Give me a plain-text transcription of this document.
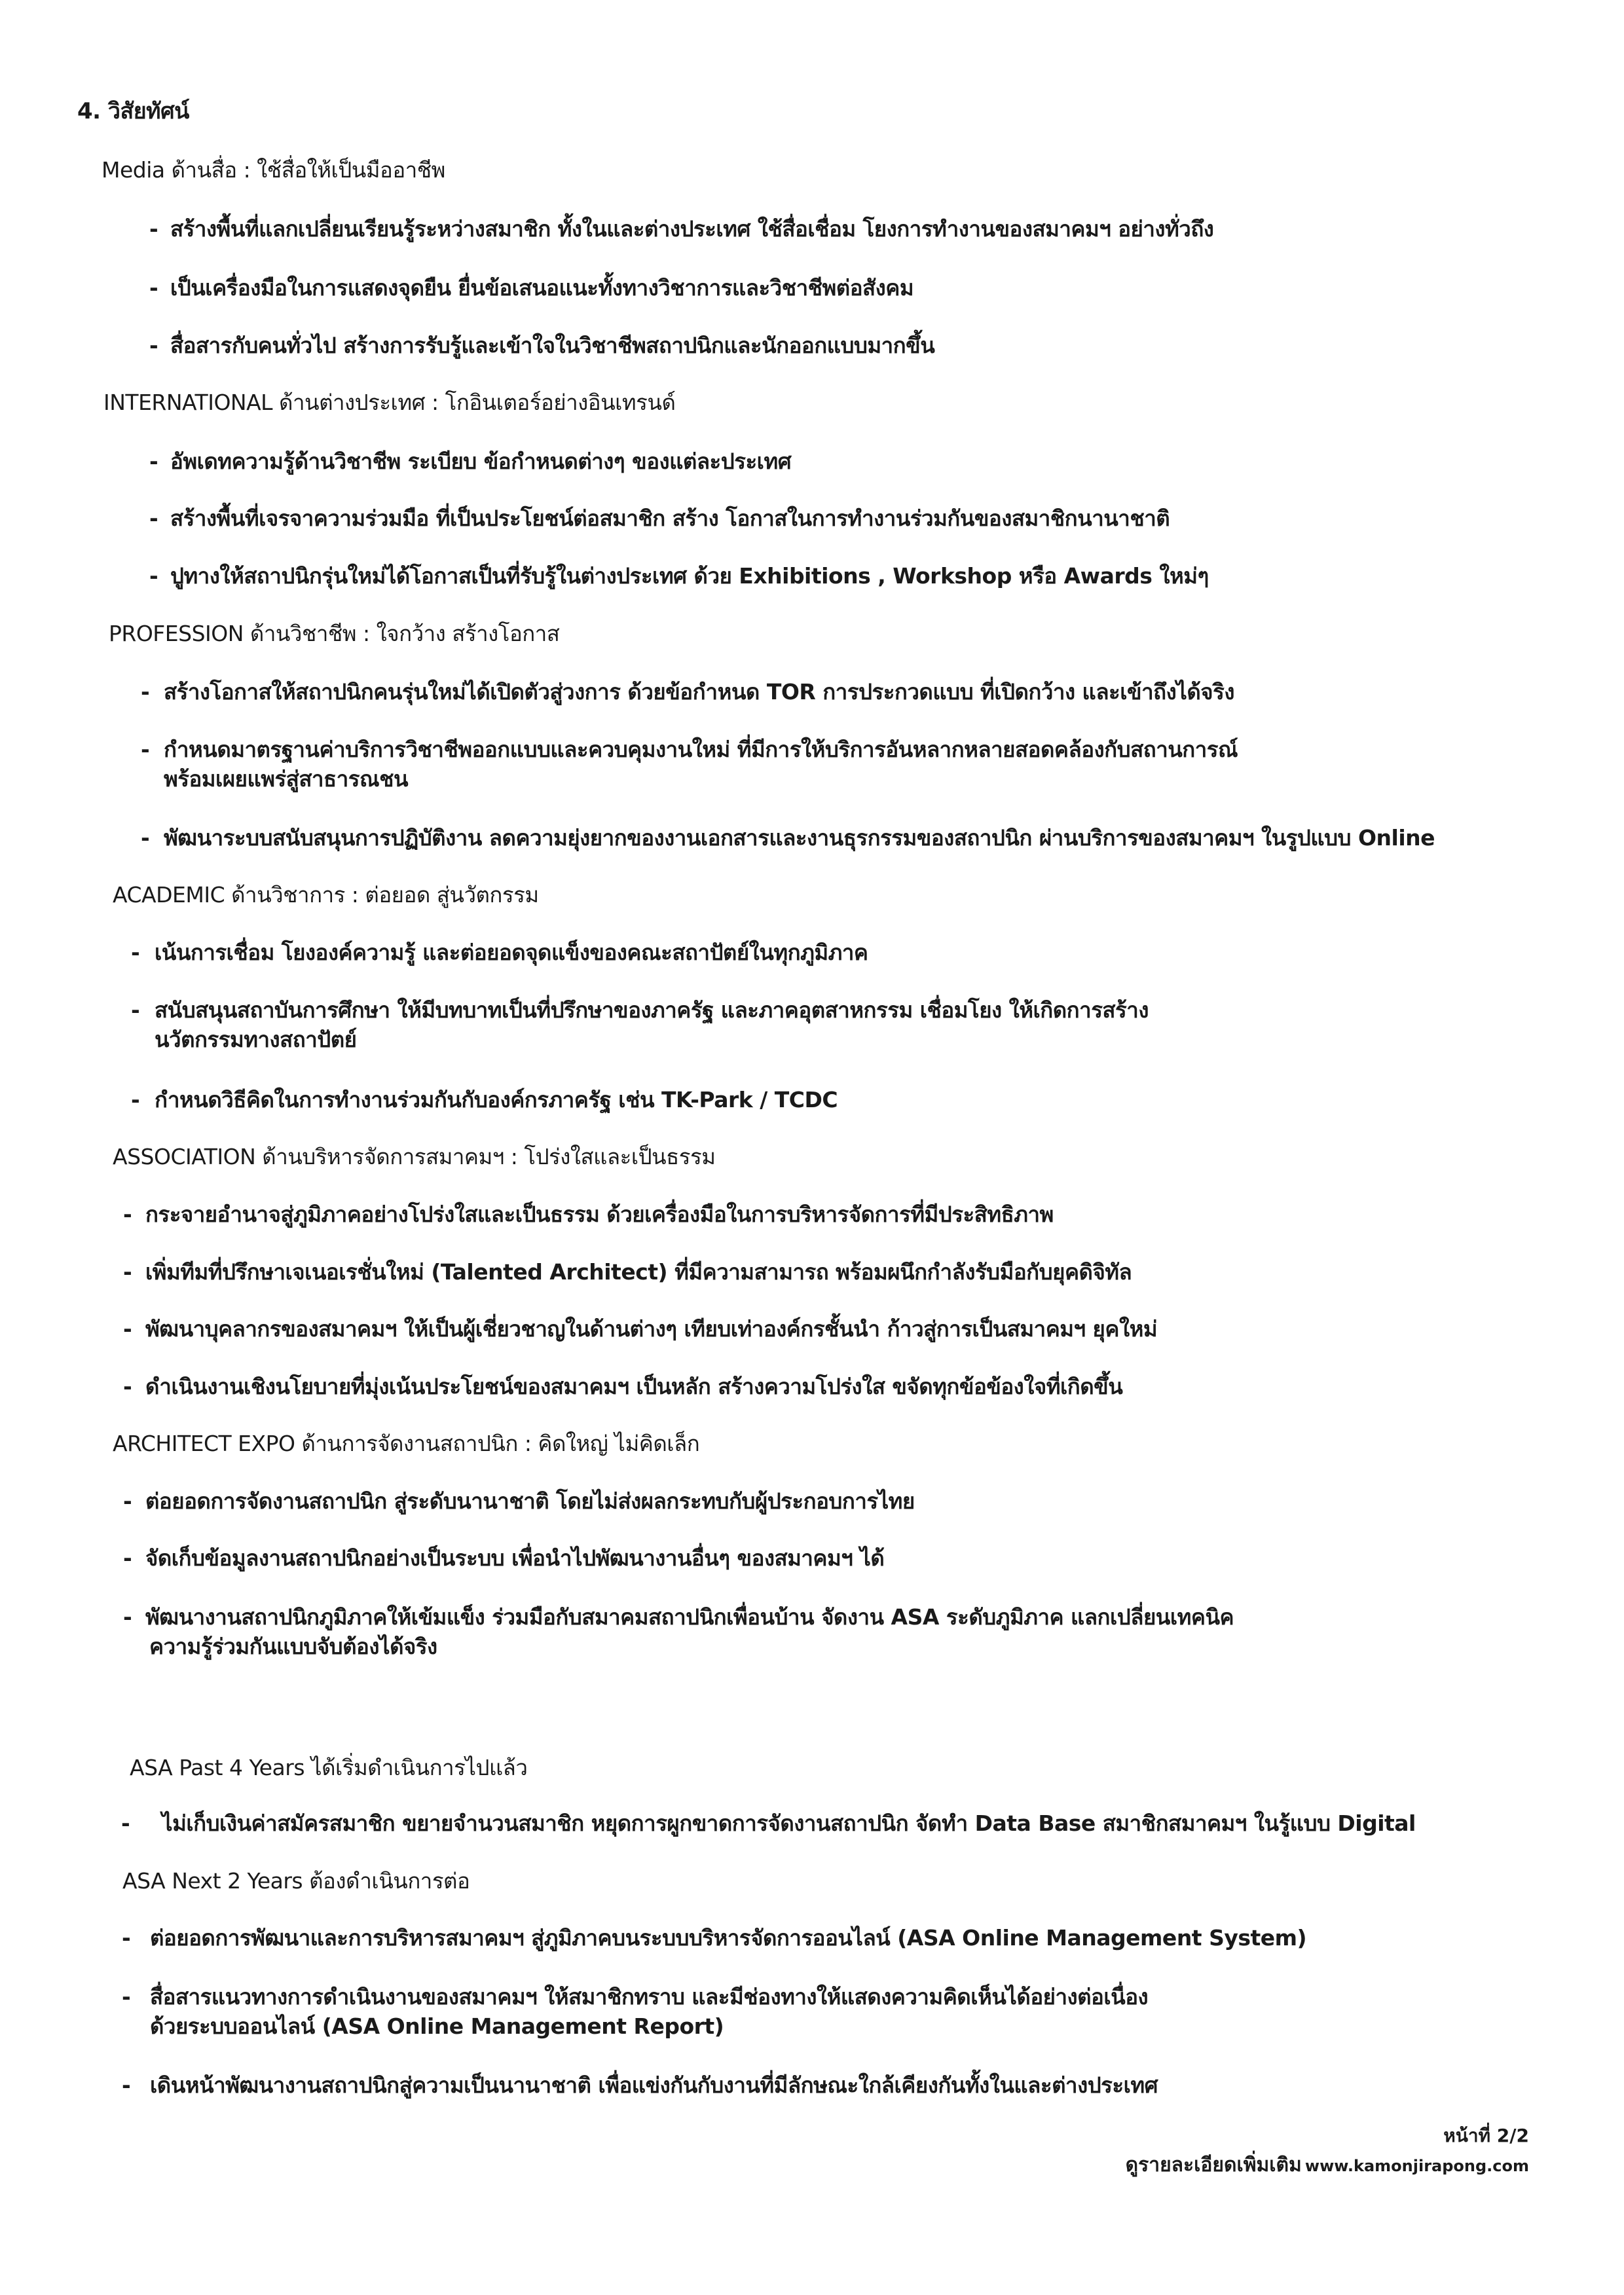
4. วิสัยทัศน์
Media ด้านสื่อ : ใช้สื่อให้เป็นมืออาชีพ
- สร้างพื้นที่แลกเปลี่ยนเรียนรู้ระหว่างสมาชิก ทั้งในและต่างประเทศ ใช้สื่อเชื่อม โยงการทำงานของสมาคมฯ อย่างทั่วถึง
- เป็นเครื่องมือในการแสดงจุดยืน ยื่นข้อเสนอแนะทั้งทางวิชาการและวิชาชีพต่อสังคม
- สื่อสารกับคนทั่วไป สร้างการรับรู้และเข้าใจในวิชาชีพสถาปนิกและนักออกแบบมากขึ้น
INTERNATIONAL ด้านต่างประเทศ : โกอินเตอร์อย่างอินเทรนด์
- อัพเดทความรู้ด้านวิชาชีพ ระเบียบ ข้อกำหนดต่างๆ ของแต่ละประเทศ
- สร้างพื้นที่เจรจาความร่วมมือ ที่เป็นประโยชน์ต่อสมาชิก สร้าง โอกาสในการทำงานร่วมกันของสมาชิกนานาชาติ
- ปูทางให้สถาปนิกรุ่นใหม่ได้โอกาสเป็นที่รับรู้ในต่างประเทศ ด้วย Exhibitions , Workshop หรือ Awards ใหม่ๆ
PROFESSION ด้านวิชาชีพ : ใจกว้าง สร้างโอกาส
- สร้างโอกาสให้สถาปนิกคนรุ่นใหม่ได้เปิดตัวสู่วงการ ด้วยข้อกำหนด TOR การประกวดแบบ ที่เปิดกว้าง และเข้าถึงได้จริง
- กำหนดมาตรฐานค่าบริการวิชาชีพออกแบบและควบคุมงานใหม่ ที่มีการให้บริการอันหลากหลายสอดคล้องกับสถานการณ์
พร้อมเผยแพร่สู่สาธารณชน
- พัฒนาระบบสนับสนุนการปฏิบัติงาน ลดความยุ่งยากของงานเอกสารและงานธุรกรรมของสถาปนิก ผ่านบริการของสมาคมฯ ในรูปแบบ Online
ACADEMIC ด้านวิชาการ : ต่อยอด สู่นวัตกรรม
- เน้นการเชื่อม โยงองค์ความรู้ และต่อยอดจุดแข็งของคณะสถาปัตย์ในทุกภูมิภาค
- สนับสนุนสถาบันการศึกษา ให้มีบทบาทเป็นที่ปรึกษาของภาครัฐ และภาคอุตสาหกรรม เชื่อมโยง ให้เกิดการสร้าง
นวัตกรรมทางสถาปัตย์
- กำหนดวิธีคิดในการทำงานร่วมกันกับองค์กรภาครัฐ เช่น TK-Park / TCDC
ASSOCIATION ด้านบริหารจัดการสมาคมฯ : โปร่งใสและเป็นธรรม
- กระจายอำนาจสู่ภูมิภาคอย่างโปร่งใสและเป็นธรรม ด้วยเครื่องมือในการบริหารจัดการที่มีประสิทธิภาพ
- เพิ่มทีมที่ปรึกษาเจเนอเรชั่นใหม่ (Talented Architect) ที่มีความสามารถ พร้อมผนึกกำลังรับมือกับยุคดิจิทัล
- พัฒนาบุคลากรของสมาคมฯ ให้เป็นผู้เชี่ยวชาญในด้านต่างๆ เทียบเท่าองค์กรชั้นนำ ก้าวสู่การเป็นสมาคมฯ ยุคใหม่
- ดำเนินงานเชิงนโยบายที่มุ่งเน้นประโยชน์ของสมาคมฯ เป็นหลัก สร้างความโปร่งใส ขจัดทุกข้อข้องใจที่เกิดขึ้น
ARCHITECT EXPO ด้านการจัดงานสถาปนิก : คิดใหญ่ ไม่คิดเล็ก
- ต่อยอดการจัดงานสถาปนิก สู่ระดับนานาชาติ โดยไม่ส่งผลกระทบกับผู้ประกอบการไทย
- จัดเก็บข้อมูลงานสถาปนิกอย่างเป็นระบบ เพื่อนำไปพัฒนางานอื่นๆ ของสมาคมฯ ได้
- พัฒนางานสถาปนิกภูมิภาคให้เข้มแข็ง ร่วมมือกับสมาคมสถาปนิกเพื่อนบ้าน จัดงาน ASA ระดับภูมิภาค แลกเปลี่ยนเทคนิค
ความรู้ร่วมกันแบบจับต้องได้จริง
ASA Past 4 Years ได้เริ่มดำเนินการไปแล้ว
- ไม่เก็บเงินค่าสมัครสมาชิก ขยายจำนวนสมาชิก หยุดการผูกขาดการจัดงานสถาปนิก จัดทำ Data Base สมาชิกสมาคมฯ ในรู้แบบ Digital
ASA Next 2 Years ต้องดำเนินการต่อ
- ต่อยอดการพัฒนาและการบริหารสมาคมฯ สู่ภูมิภาคบนระบบบริหารจัดการออนไลน์ (ASA Online Management System)
- สื่อสารแนวทางการดำเนินงานของสมาคมฯ ให้สมาชิกทราบ และมีช่องทางให้แสดงความคิดเห็นได้อย่างต่อเนื่อง
ด้วยระบบออนไลน์ (ASA Online Management Report)
- เดินหน้าพัฒนางานสถาปนิกสู่ความเป็นนานาชาติ เพื่อแข่งกันกับงานที่มีลักษณะใกล้เคียงกันทั้งในและต่างประเทศ
หน้าที่ 2/2
ดูรายละเอียดเพิ่มเติม www.kamonjirapong.com
